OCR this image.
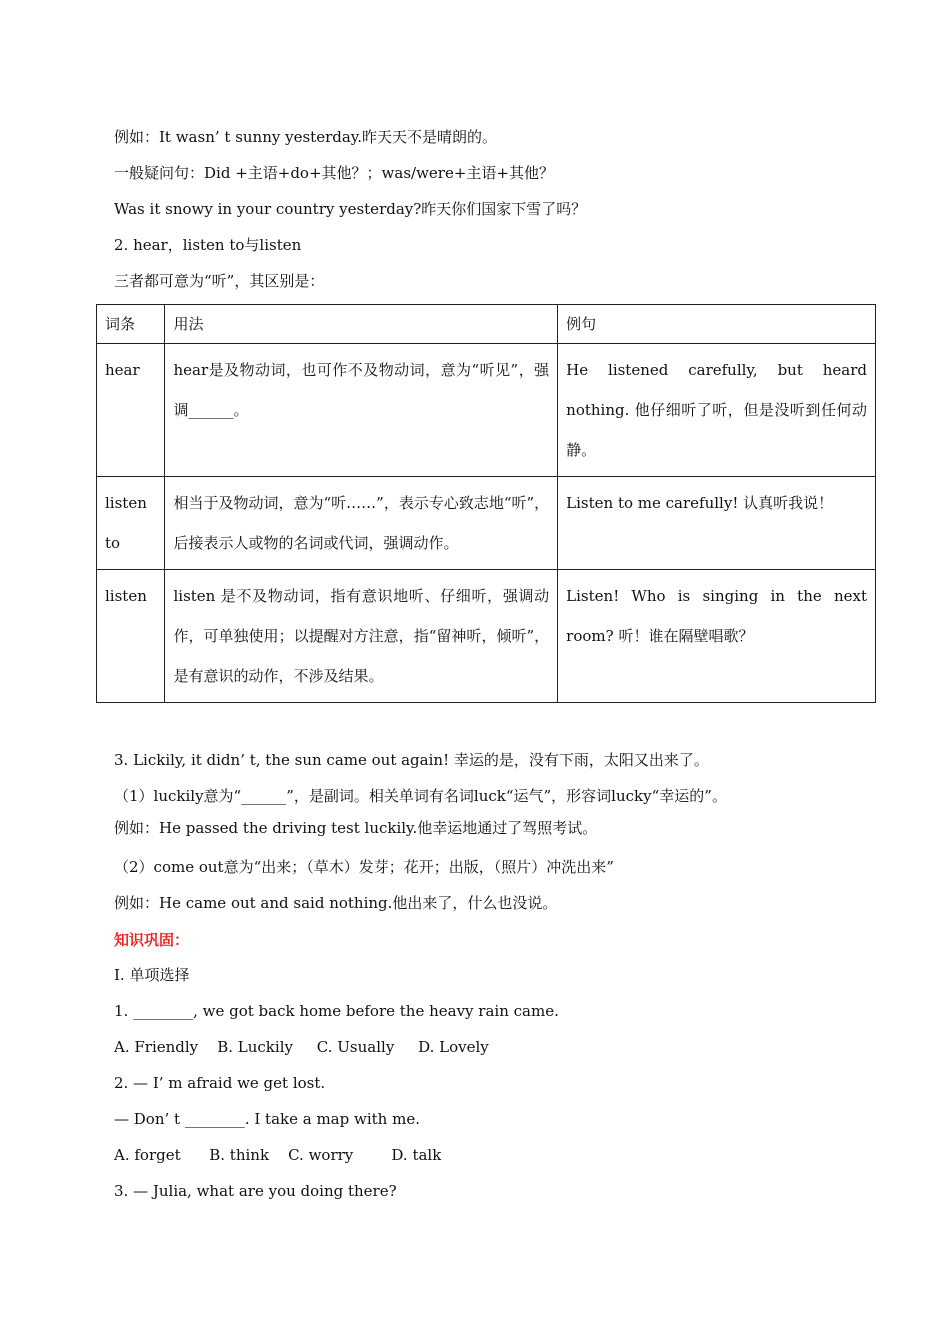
例如：It wasn’ t sunny yesterday.昨天天不是晴朗的。
一般疑问句：Did +主语+do+其他？；was/were+主语+其他？
Was it snowy in your country yesterday?昨天你们国家下雪了吗？
2. hear，listen to与listen
三者都可意为“听”，其区别是：
词条	用法	例句
hear	hear是及物动词，也可作不及物动词，意为“听见”，强调______。	He listened carefully, but heard nothing. 他仔细听了听，但是没听到任何动静。
listen to	相当于及物动词，意为“听……”，表示专心致志地“听”，后接表示人或物的名词或代词，强调动作。	Listen to me carefully! 认真听我说！
listen	listen 是不及物动词，指有意识地听、仔细听，强调动作，可单独使用；以提醒对方注意，指“留神听，倾听”，是有意识的动作，不涉及结果。	Listen! Who is singing in the next room? 听！谁在隔壁唱歌？
3. Lickily, it didn’ t, the sun came out again! 幸运的是，没有下雨，太阳又出来了。
（1）luckily意为“______”，是副词。相关单词有名词luck“运气”，形容词lucky“幸运的”。
例如：He passed the driving test luckily.他幸运地通过了驾照考试。
（2）come out意为“出来；（草木）发芽；花开；出版，（照片）冲洗出来”
例如：He came out and said nothing.他出来了，什么也没说。
知识巩固：
Ⅰ. 单项选择
1. ________, we got back home before the heavy rain came.
A. Friendly    B. Luckily     C. Usually     D. Lovely
2. — I’ m afraid we get lost.
— Don’ t ________. I take a map with me.
A. forget      B. think    C. worry        D. talk
3. — Julia, what are you doing there?
